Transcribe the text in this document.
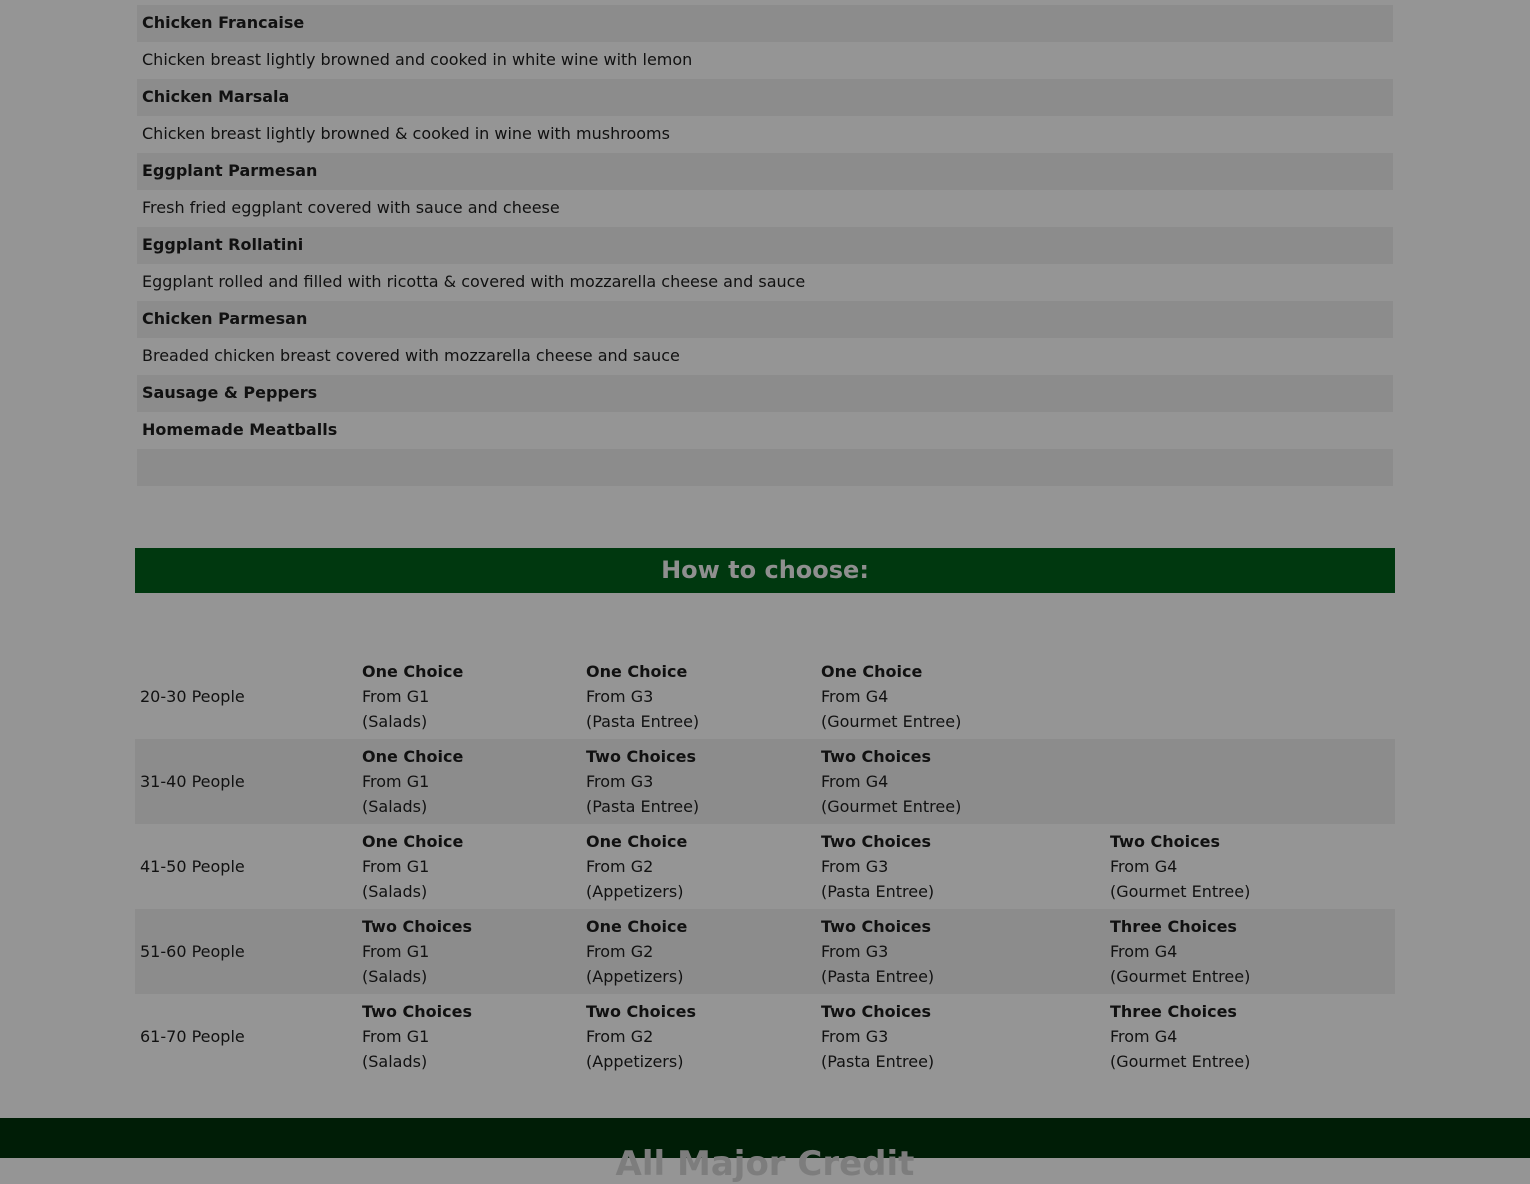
Chicken Francaise
Chicken breast lightly browned and cooked in white wine with lemon
Chicken Marsala
Chicken breast lightly browned & cooked in wine with mushrooms
Eggplant Parmesan
Fresh fried eggplant covered with sauce and cheese
Eggplant Rollatini
Eggplant rolled and filled with ricotta & covered with mozzarella cheese and sauce
Chicken Parmesan
Breaded chicken breast covered with mozzarella cheese and sauce
Sausage & Peppers
Homemade Meatballs
How to choose:
20-30 People
One Choice
From G1
(Salads)
One Choice
From G3
(Pasta Entree)
One Choice
From G4
(Gourmet Entree)
31-40 People
One Choice
From G1
(Salads)
Two Choices
From G3
(Pasta Entree)
Two Choices
From G4
(Gourmet Entree)
41-50 People
One Choice
From G1
(Salads)
One Choice
From G2
(Appetizers)
Two Choices
From G3
(Pasta Entree)
Two Choices
From G4
(Gourmet Entree)
51-60 People
Two Choices
From G1
(Salads)
One Choice
From G2
(Appetizers)
Two Choices
From G3
(Pasta Entree)
Three Choices
From G4
(Gourmet Entree)
61-70 People
Two Choices
From G1
(Salads)
Two Choices
From G2
(Appetizers)
Two Choices
From G3
(Pasta Entree)
Three Choices
From G4
(Gourmet Entree)
All Major Credit
